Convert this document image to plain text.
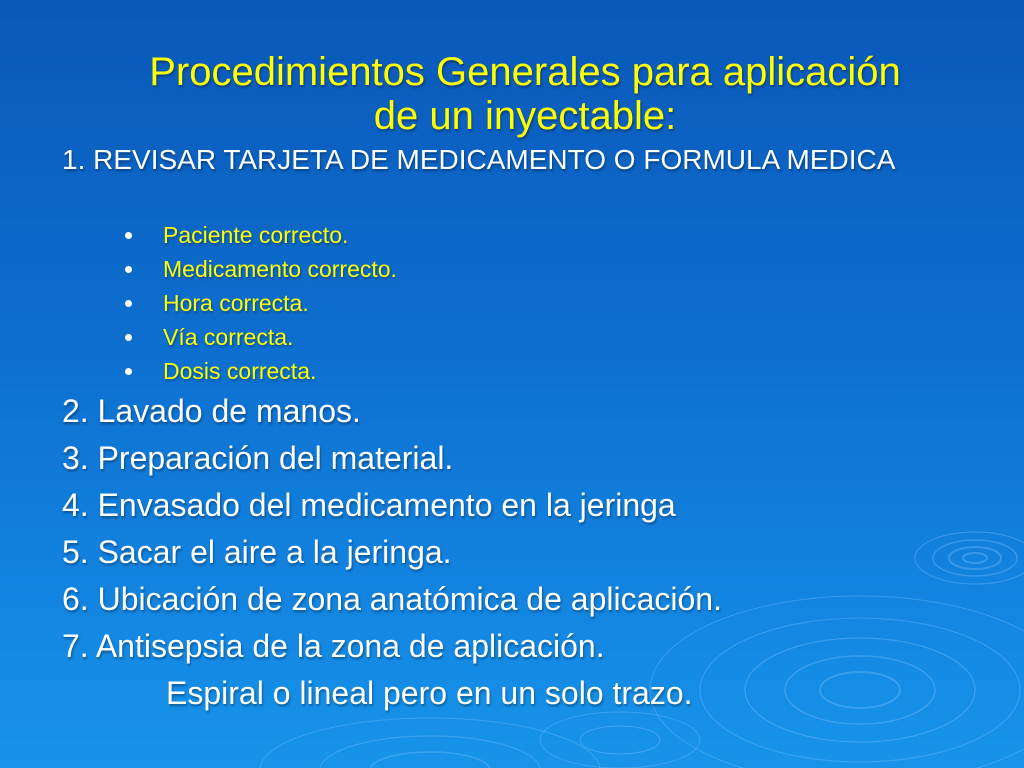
Procedimientos Generales para aplicación
de un inyectable:
1. REVISAR TARJETA DE MEDICAMENTO O FORMULA MEDICA
Paciente correcto.
Medicamento correcto.
Hora correcta.
Vía correcta.
Dosis correcta.
2. Lavado de manos.
3. Preparación del material.
4. Envasado del medicamento en la jeringa
5. Sacar el aire a la jeringa.
6. Ubicación de zona anatómica de aplicación.
7. Antisepsia de la zona de aplicación.
Espiral o lineal pero en un solo trazo.
